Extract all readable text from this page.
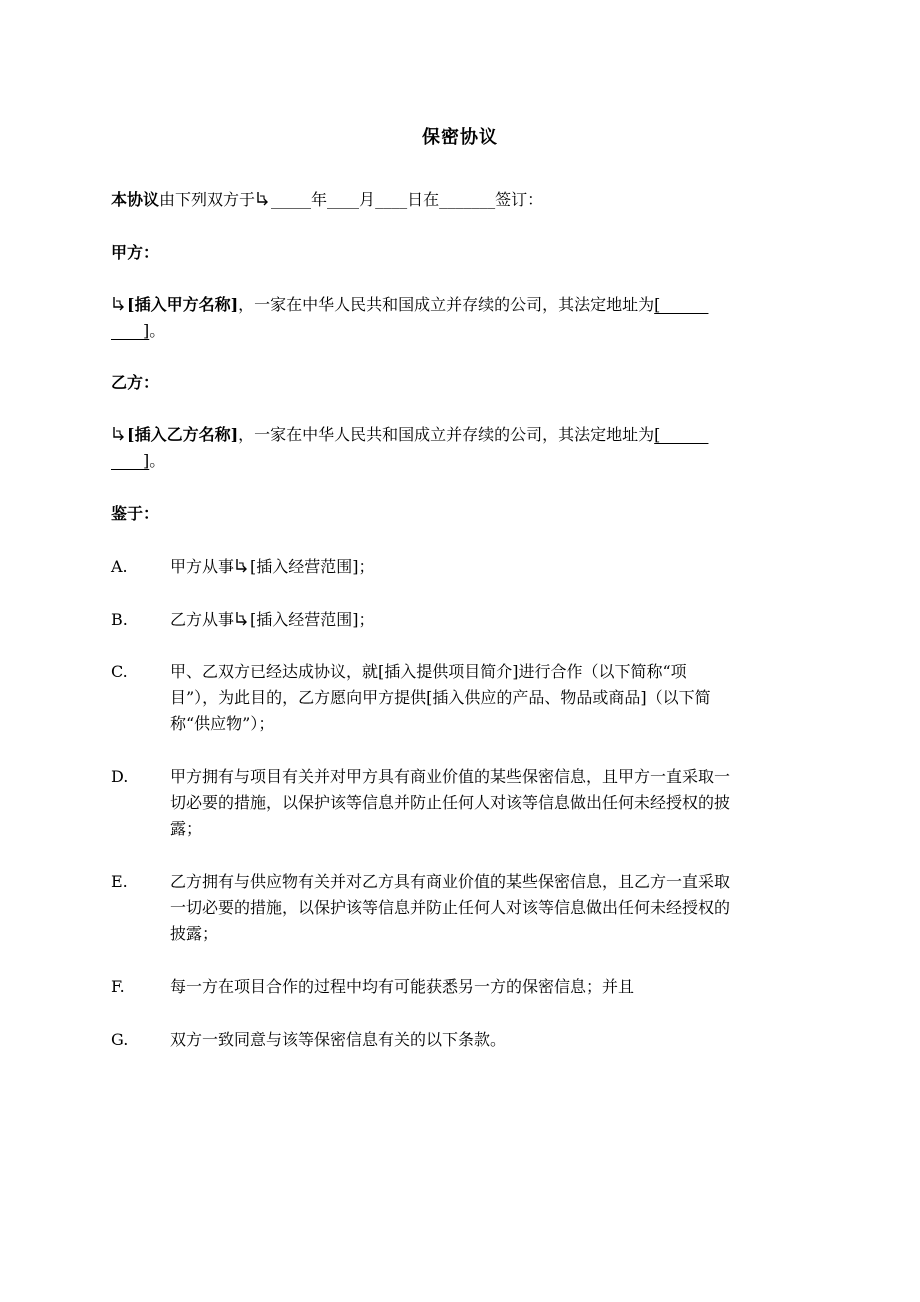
保密协议
本协议由下列双方于 _____年____月____日在_______签订：
甲方：
[插入甲方名称]，一家在中华人民共和国成立并存续的公司，其法定地址为[______
____]。
乙方：
[插入乙方名称]，一家在中华人民共和国成立并存续的公司，其法定地址为[______
____]。
鉴于：
A.	甲方从事 [插入经营范围]；
B.	乙方从事 [插入经营范围]；
C.	甲、乙双方已经达成协议，就[插入提供项目简介]进行合作（以下简称“项
目”），为此目的，乙方愿向甲方提供[插入供应的产品、物品或商品]（以下简
称“供应物”）；
D.	甲方拥有与项目有关并对甲方具有商业价值的某些保密信息，且甲方一直采取一
切必要的措施，以保护该等信息并防止任何人对该等信息做出任何未经授权的披
露；
E.	乙方拥有与供应物有关并对乙方具有商业价值的某些保密信息，且乙方一直采取
一切必要的措施，以保护该等信息并防止任何人对该等信息做出任何未经授权的
披露；
F.	每一方在项目合作的过程中均有可能获悉另一方的保密信息；并且
G.	双方一致同意与该等保密信息有关的以下条款。
